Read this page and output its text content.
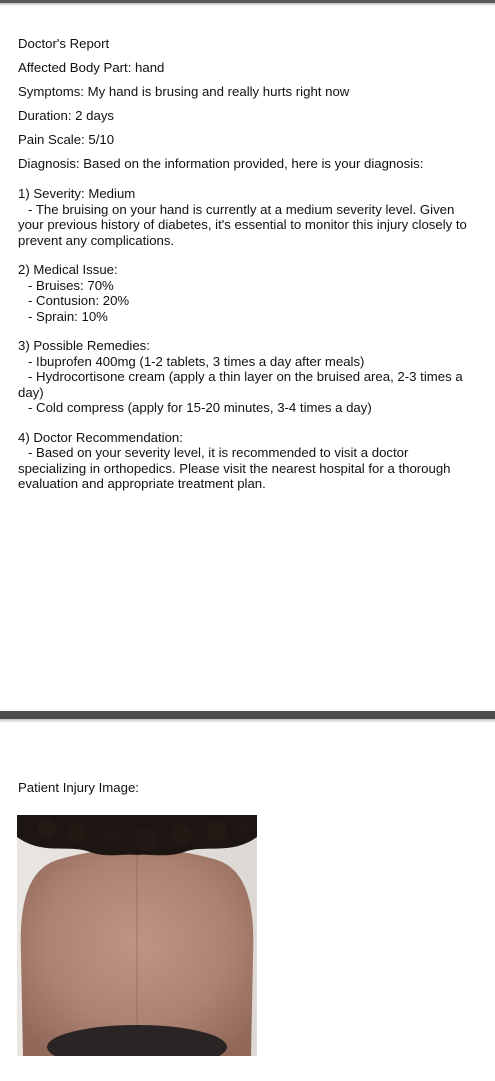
Doctor's Report
Affected Body Part: hand
Symptoms: My hand is brusing and really hurts right now
Duration: 2 days
Pain Scale: 5/10
Diagnosis: Based on the information provided, here is your diagnosis:
1) Severity: Medium
- The bruising on your hand is currently at a medium severity level. Given your previous history of diabetes, it's essential to monitor this injury closely to prevent any complications.
2) Medical Issue:
- Bruises: 70%
- Contusion: 20%
- Sprain: 10%
3) Possible Remedies:
- Ibuprofen 400mg (1-2 tablets, 3 times a day after meals)
- Hydrocortisone cream (apply a thin layer on the bruised area, 2-3 times a day)
- Cold compress (apply for 15-20 minutes, 3-4 times a day)
4) Doctor Recommendation:
- Based on your severity level, it is recommended to visit a doctor specializing in orthopedics. Please visit the nearest hospital for a thorough evaluation and appropriate treatment plan.
Patient Injury Image:
